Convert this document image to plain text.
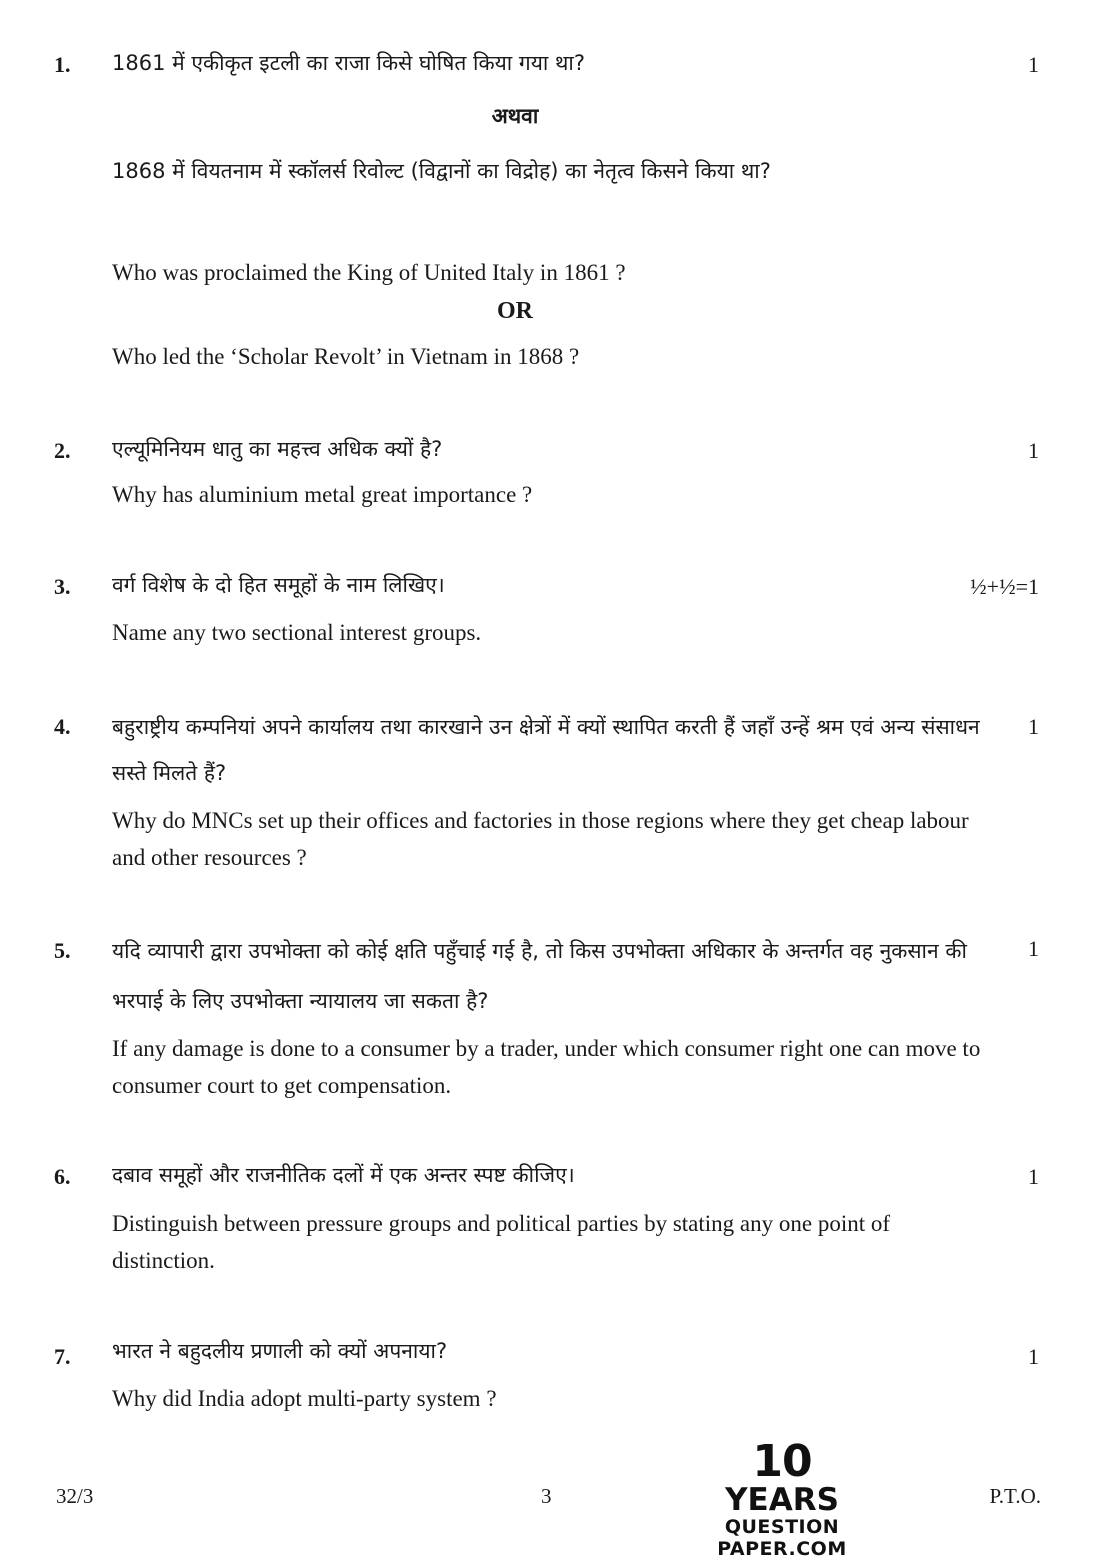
1.	1
1861 में एकीकृत इटली का राजा किसे घोषित किया गया था?
अथवा
1868 में वियतनाम में स्कॉलर्स रिवोल्ट (विद्वानों का विद्रोह) का नेतृत्व किसने किया था?
Who was proclaimed the King of United Italy in 1861 ?
OR
Who led the ‘Scholar Revolt’ in Vietnam in 1868 ?
2.	1
एल्यूमिनियम धातु का महत्त्व अधिक क्यों है?
Why has aluminium metal great importance ?
3.	½+½=1
वर्ग विशेष के दो हित समूहों के नाम लिखिए।
Name any two sectional interest groups.
4.	1
बहुराष्ट्रीय कम्पनियां अपने कार्यालय तथा कारखाने उन क्षेत्रों में क्यों स्थापित करती हैं जहाँ उन्हें श्रम एवं अन्य संसाधन सस्ते मिलते हैं?
Why do MNCs set up their offices and factories in those regions where they get cheap labour and other resources ?
5.	1
यदि व्यापारी द्वारा उपभोक्ता को कोई क्षति पहुँचाई गई है, तो किस उपभोक्ता अधिकार के अन्तर्गत वह नुकसान की भरपाई के लिए उपभोक्ता न्यायालय जा सकता है?
If any damage is done to a consumer by a trader, under which consumer right one can move to consumer court to get compensation.
6.	1
दबाव समूहों और राजनीतिक दलों में एक अन्तर स्पष्ट कीजिए।
Distinguish between pressure groups and political parties by stating any one point of distinction.
7.	1
भारत ने बहुदलीय प्रणाली को क्यों अपनाया?
Why did India adopt multi-party system ?
32/3	3	P.T.O.
10
YEARS
QUESTION PAPER.COM
